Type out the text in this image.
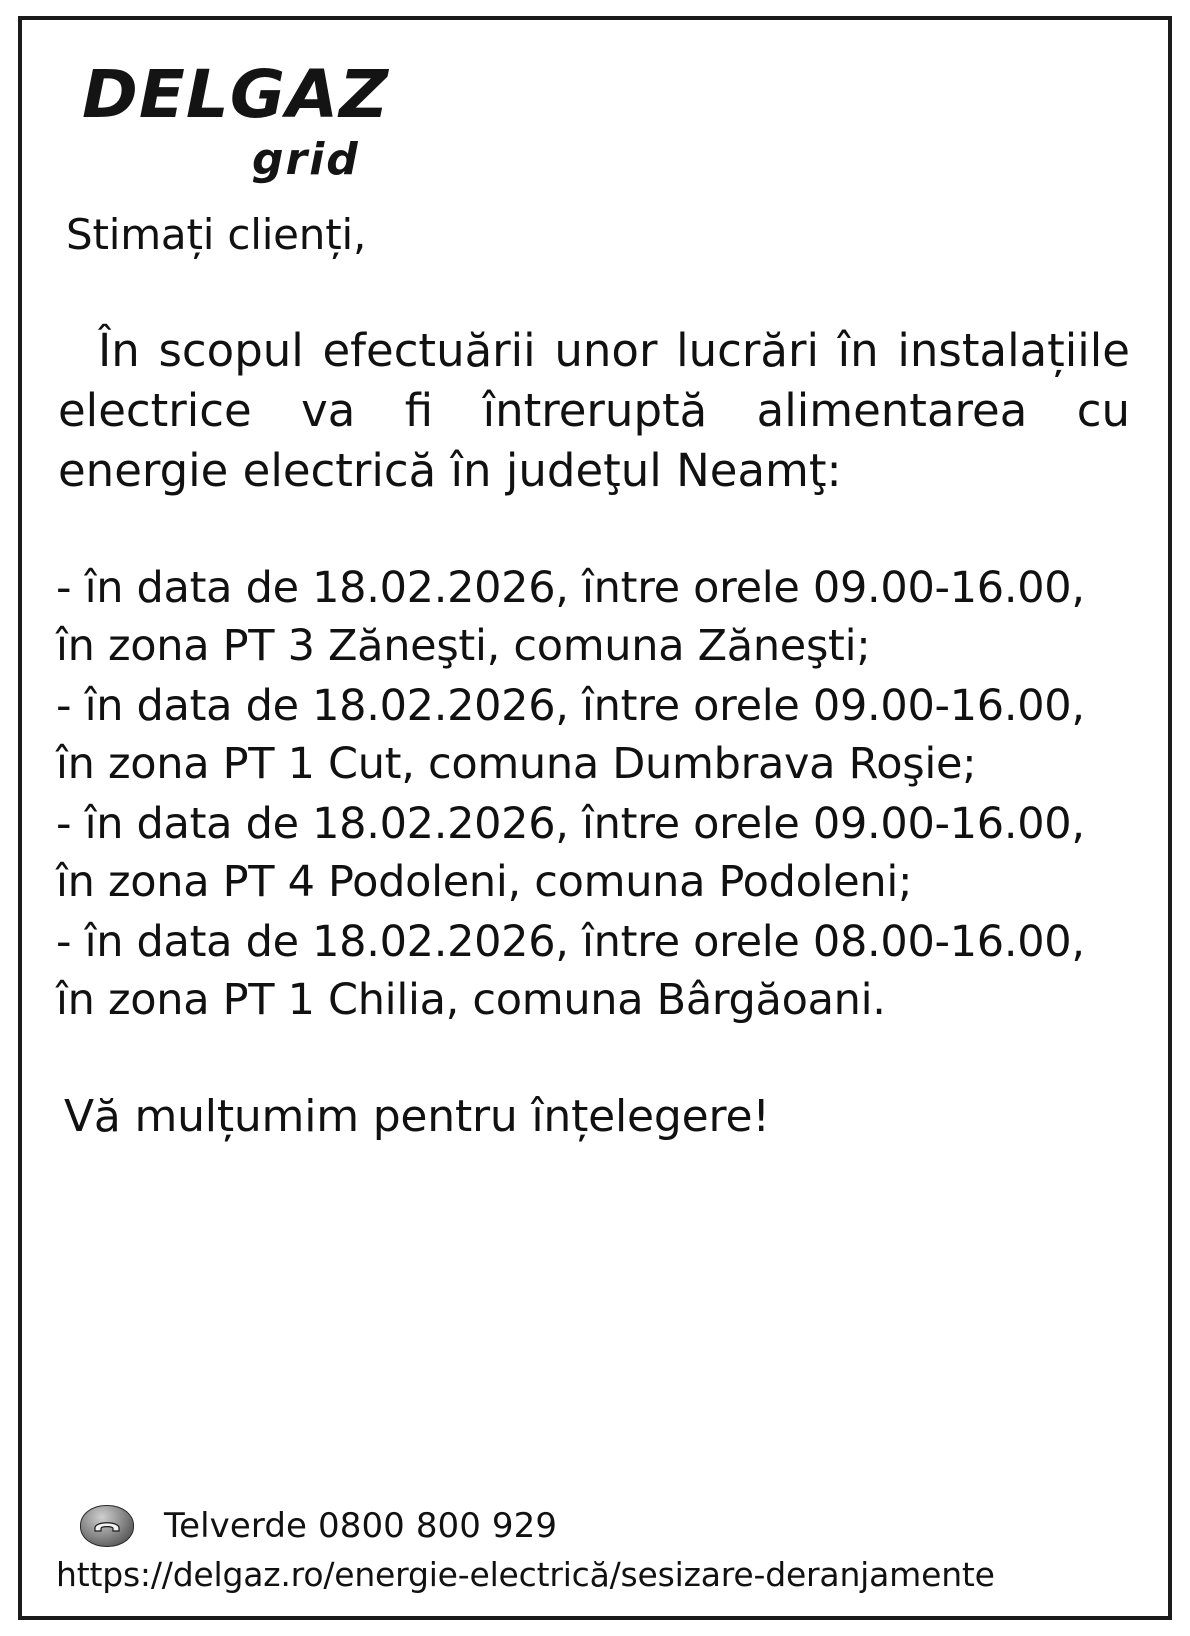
DELGAZ
grid
Stimați clienți,
În scopul efectuării unor lucrări în instalațiile electrice va fi întreruptă alimentarea cu energie electrică în judeţul Neamţ:
- în data de 18.02.2026, între orele 09.00-16.00, în zona PT 3 Zăneşti, comuna Zăneşti;
- în data de 18.02.2026, între orele 09.00-16.00, în zona PT 1 Cut, comuna Dumbrava Roşie;
- în data de 18.02.2026, între orele 09.00-16.00, în zona PT 4 Podoleni, comuna Podoleni;
- în data de 18.02.2026, între orele 08.00-16.00, în zona PT 1 Chilia, comuna Bârgăoani.
Vă mulțumim pentru înțelegere!
Telverde 0800 800 929
https://delgaz.ro/energie-electrică/sesizare-deranjamente
